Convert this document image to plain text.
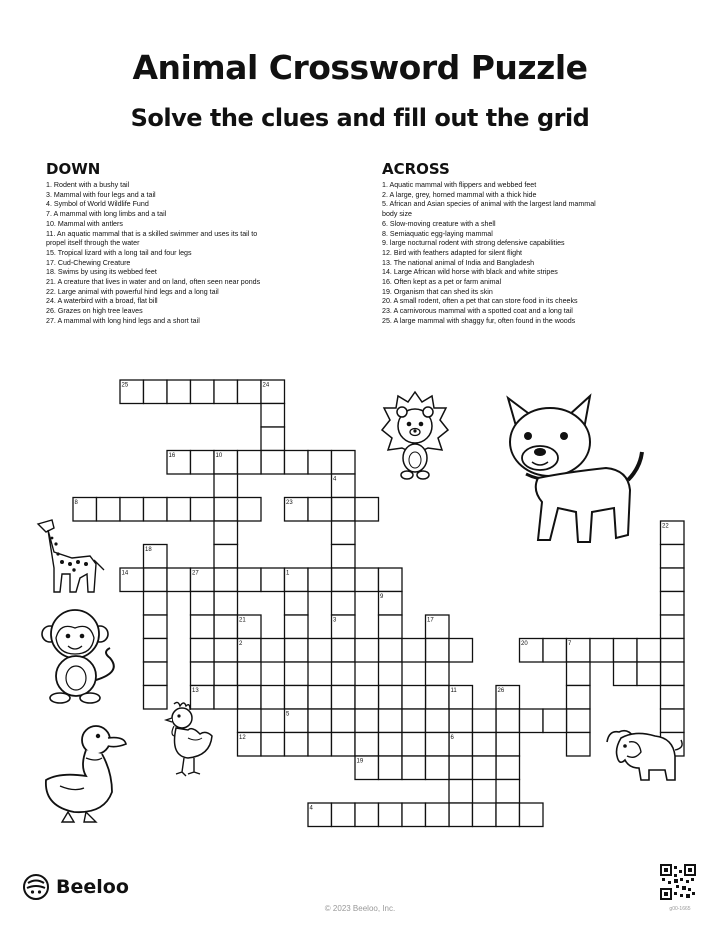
Animal Crossword Puzzle
Solve the clues and fill out the grid
DOWN
1. Rodent with a bushy tail
3. Mammal with four legs and a tail
4. Symbol of World Wildlife Fund
7. A mammal with long limbs and a tail
10. Mammal with antlers
11. An aquatic mammal that is a skilled swimmer and uses its tail to
propel itself through the water
15. Tropical lizard with a long tail and four legs
17. Cud-Chewing Creature
18. Swims by using its webbed feet
21. A creature that lives in water and on land, often seen near ponds
22. Large animal with powerful hind legs and a long tail
24. A waterbird with a broad, flat bill
26. Grazes on high tree leaves
27. A mammal with long hind legs and a short tail
ACROSS
1. Aquatic mammal with flippers and webbed feet
2. A large, grey, horned mammal with a thick hide
5. African and Asian species of animal with the largest land mammal
body size
6. Slow-moving creature with a shell
8. Semiaquatic egg-laying mammal
9. large nocturnal rodent with strong defensive capabilities
12. Bird with feathers adapted for silent flight
13. The national animal of India and Bangladesh
14. Large African wild horse with black and white stripes
16. Often kept as a pet or farm animal
19. Organism that can shed its skin
20. A small rodent, often a pet that can store food in its cheeks
23. A carnivorous mammal with a spotted coat and a long tail
25. A large mammal with shaggy fur, often found in the woods
25	24
16	10
4
8	23
22
18
14	27	1
9
21
2
3	17
20	7
13	11	26
5
12	6
19
4
Beeloo
© 2023 Beeloo, Inc.	g00-1665
